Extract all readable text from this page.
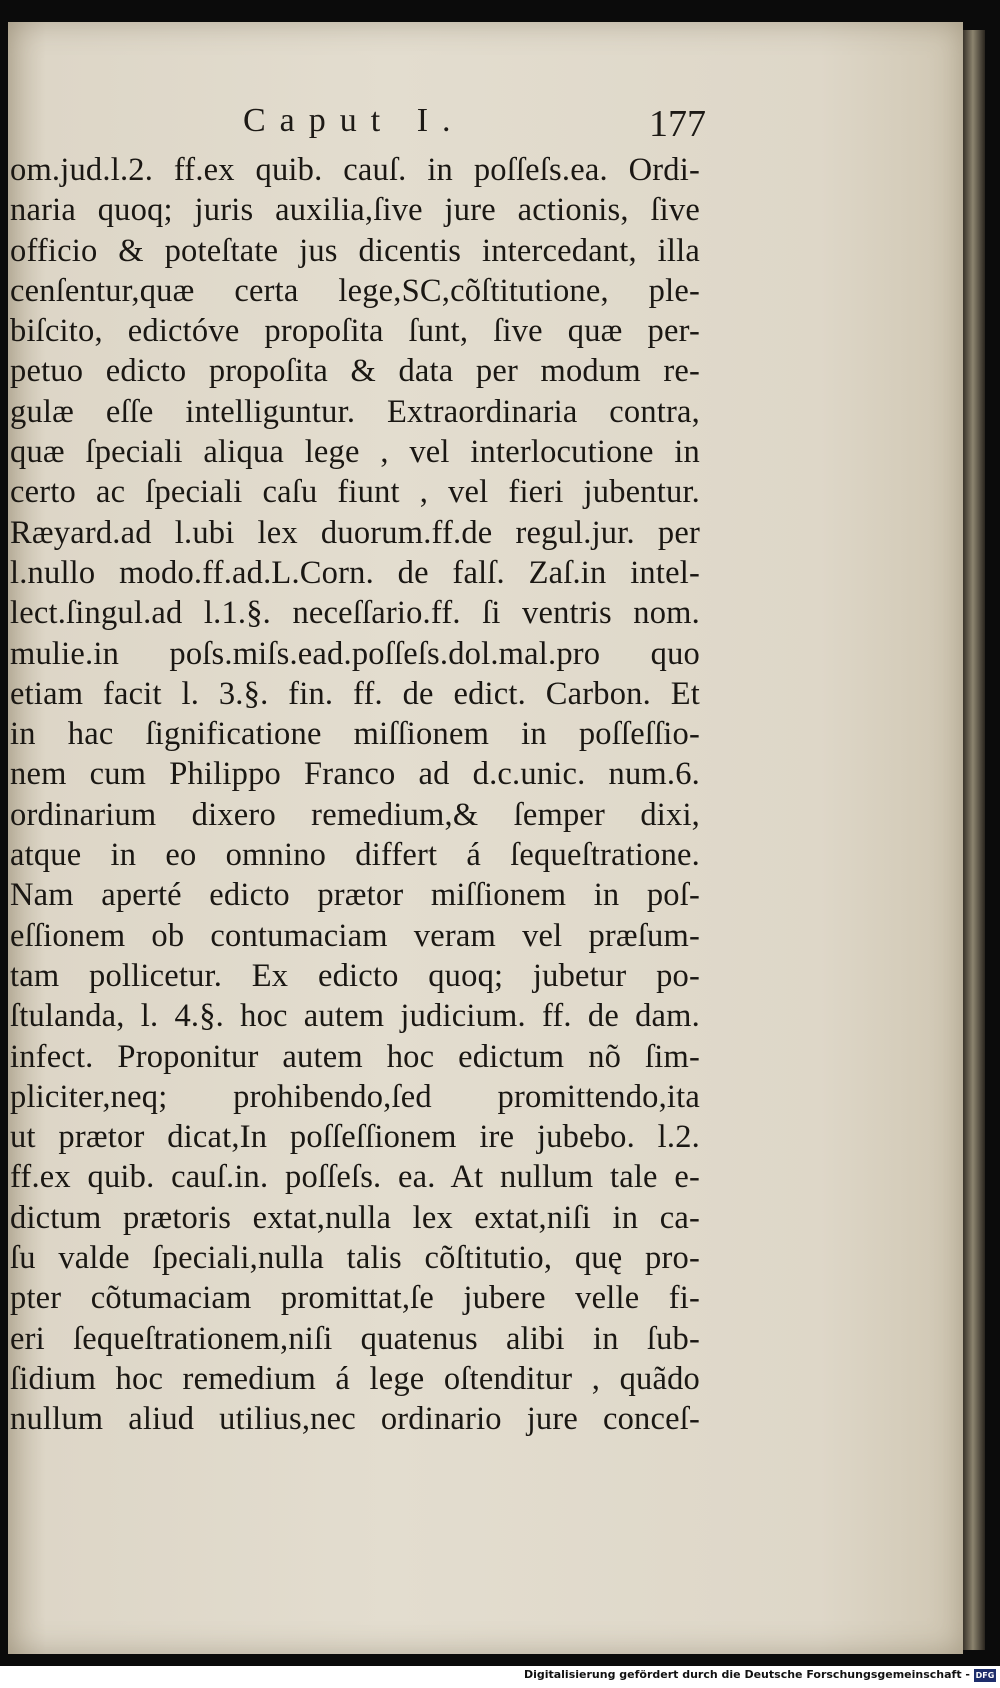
Caput I.	177
om.jud.l.2. ff.ex quib. cauſ. in poſſeſs.ea. Ordi-
naria quoq; juris auxilia,ſive jure actionis, ſive
officio & poteſtate jus dicentis intercedant, illa
cenſentur,quæ certa lege,SC,cõſtitutione, ple-
biſcito, edictóve propoſita ſunt, ſive quæ per-
petuo edicto propoſita & data per modum re-
gulæ eſſe intelliguntur. Extraordinaria contra,
quæ ſpeciali aliqua lege , vel interlocutione in
certo ac ſpeciali caſu fiunt , vel fieri jubentur.
Ræyard.ad l.ubi lex duorum.ff.de regul.jur. per
l.nullo modo.ff.ad.L.Corn. de falſ. Zaſ.in intel-
lect.ſingul.ad l.1.§. neceſſario.ff. ſi ventris nom.
mulie.in poſs.miſs.ead.poſſeſs.dol.mal.pro quo
etiam facit l. 3.§. fin. ff. de edict. Carbon. Et
in hac ſignificatione miſſionem in poſſeſſio-
nem cum Philippo Franco ad d.c.unic. num.6.
ordinarium dixero remedium,& ſemper dixi,
atque in eo omnino differt á ſequeſtratione.
Nam aperté edicto prætor miſſionem in poſ-
eſſionem ob contumaciam veram vel præſum-
tam pollicetur. Ex edicto quoq; jubetur po-
ſtulanda, l. 4.§. hoc autem judicium. ff. de dam.
infect. Proponitur autem hoc edictum nõ ſim-
pliciter,neq; prohibendo,ſed promittendo,ita
ut prætor dicat,In poſſeſſionem ire jubebo. l.2.
ff.ex quib. cauſ.in. poſſeſs. ea. At nullum tale e-
dictum prætoris extat,nulla lex extat,niſi in ca-
ſu valde ſpeciali,nulla talis cõſtitutio, quę pro-
pter cõtumaciam promittat,ſe jubere velle fi-
eri ſequeſtrationem,niſi quatenus alibi in ſub-
ſidium hoc remedium á lege oſtenditur , quãdo
nullum aliud utilius,nec ordinario jure conceſ-
Digitalisierung gefördert durch die Deutsche Forschungsgemeinschaft - DFG
